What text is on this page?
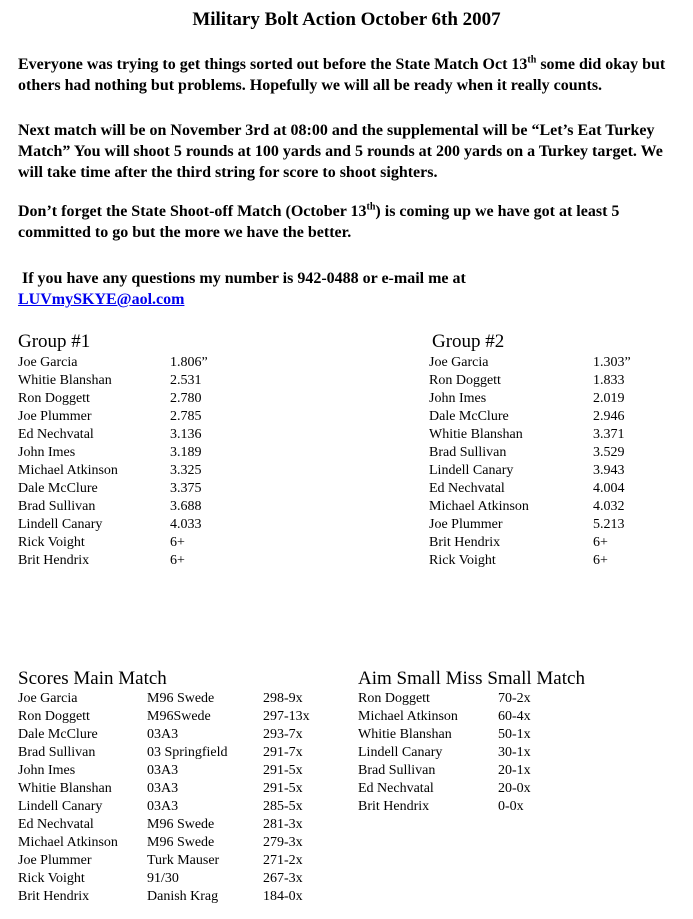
Military Bolt Action October 6th 2007
Everyone was trying to get things sorted out before the State Match Oct 13th some did okay but others had nothing but problems. Hopefully we will all be ready when it really counts.
Next match will be on November 3rd at 08:00 and the supplemental will be “Let’s Eat Turkey Match” You will shoot 5 rounds at 100 yards and 5 rounds at 200 yards on a Turkey target. We will take time after the third string for score to shoot sighters.
Don’t forget the State Shoot-off Match (October 13th) is coming up we have got at least 5 committed to go but the more we have the better.
If you have any questions my number is 942-0488 or e-mail me at
LUVmySKYE@aol.com
Group #1
Joe Garcia	1.806”
Whitie Blanshan	2.531
Ron Doggett	2.780
Joe Plummer	2.785
Ed Nechvatal	3.136
John Imes	3.189
Michael Atkinson	3.325
Dale McClure	3.375
Brad Sullivan	3.688
Lindell Canary	4.033
Rick Voight	6+
Brit Hendrix	6+
Group #2
Joe Garcia	1.303”
Ron Doggett	1.833
John Imes	2.019
Dale McClure	2.946
Whitie Blanshan	3.371
Brad Sullivan	3.529
Lindell Canary	3.943
Ed Nechvatal	4.004
Michael Atkinson	4.032
Joe Plummer	5.213
Brit Hendrix	6+
Rick Voight	6+
Scores Main Match
Joe Garcia	M96 Swede	298-9x
Ron Doggett	M96Swede	297-13x
Dale McClure	03A3	293-7x
Brad Sullivan	03 Springfield	291-7x
John Imes	03A3	291-5x
Whitie Blanshan	03A3	291-5x
Lindell Canary	03A3	285-5x
Ed Nechvatal	M96 Swede	281-3x
Michael Atkinson M96 Swede	279-3x
Joe Plummer	Turk Mauser	271-2x
Rick Voight	91/30	267-3x
Brit Hendrix	Danish Krag	184-0x
Aim Small Miss Small Match
Ron Doggett	70-2x
Michael Atkinson	60-4x
Whitie Blanshan	50-1x
Lindell Canary	30-1x
Brad Sullivan	20-1x
Ed Nechvatal	20-0x
Brit Hendrix	0-0x
